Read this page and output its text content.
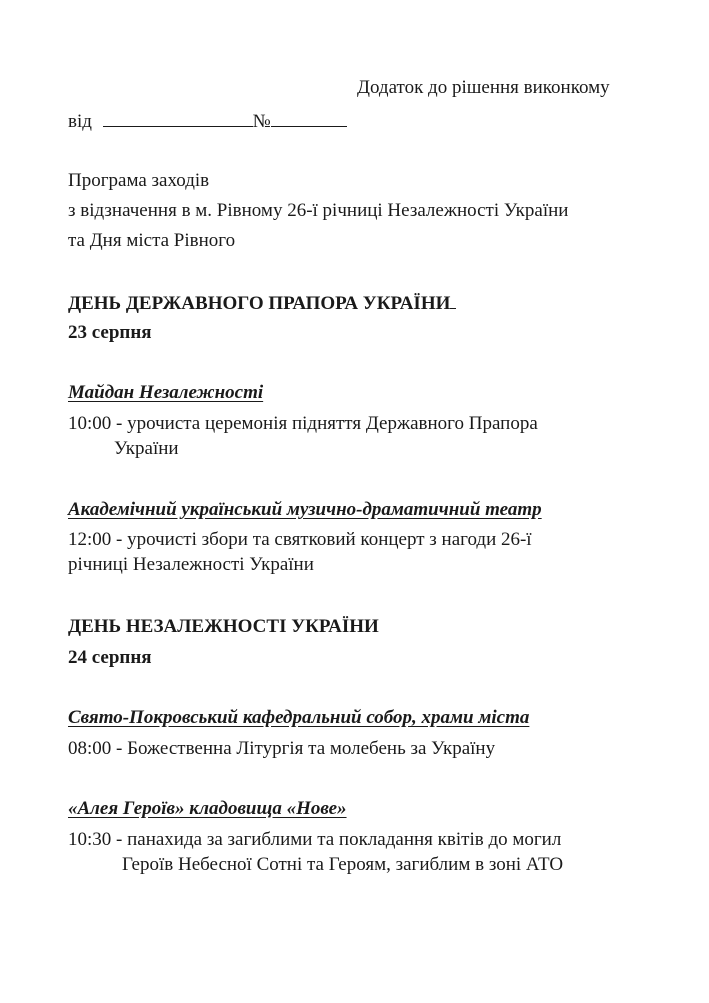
Додаток до рішення виконкому
від	№
Програма заходів
з відзначення в м. Рівному 26-ї річниці Незалежності України
та Дня міста Рівного
ДЕНЬ ДЕРЖАВНОГО ПРАПОРА УКРАЇНИ
23 серпня
Майдан Незалежності
10:00 - урочиста церемонія підняття Державного Прапора
України
Академічний український музично-драматичний театр
12:00 - урочисті збори та святковий концерт з нагоди 26-ї
річниці Незалежності України
ДЕНЬ НЕЗАЛЕЖНОСТІ УКРАЇНИ
24 серпня
Свято-Покровський кафедральний собор, храми міста
08:00 - Божественна Літургія та молебень за Україну
«Алея Героїв» кладовища «Нове»
10:30 - панахида за загиблими та покладання квітів до могил
Героїв Небесної Сотні та Героям, загиблим в зоні АТО
